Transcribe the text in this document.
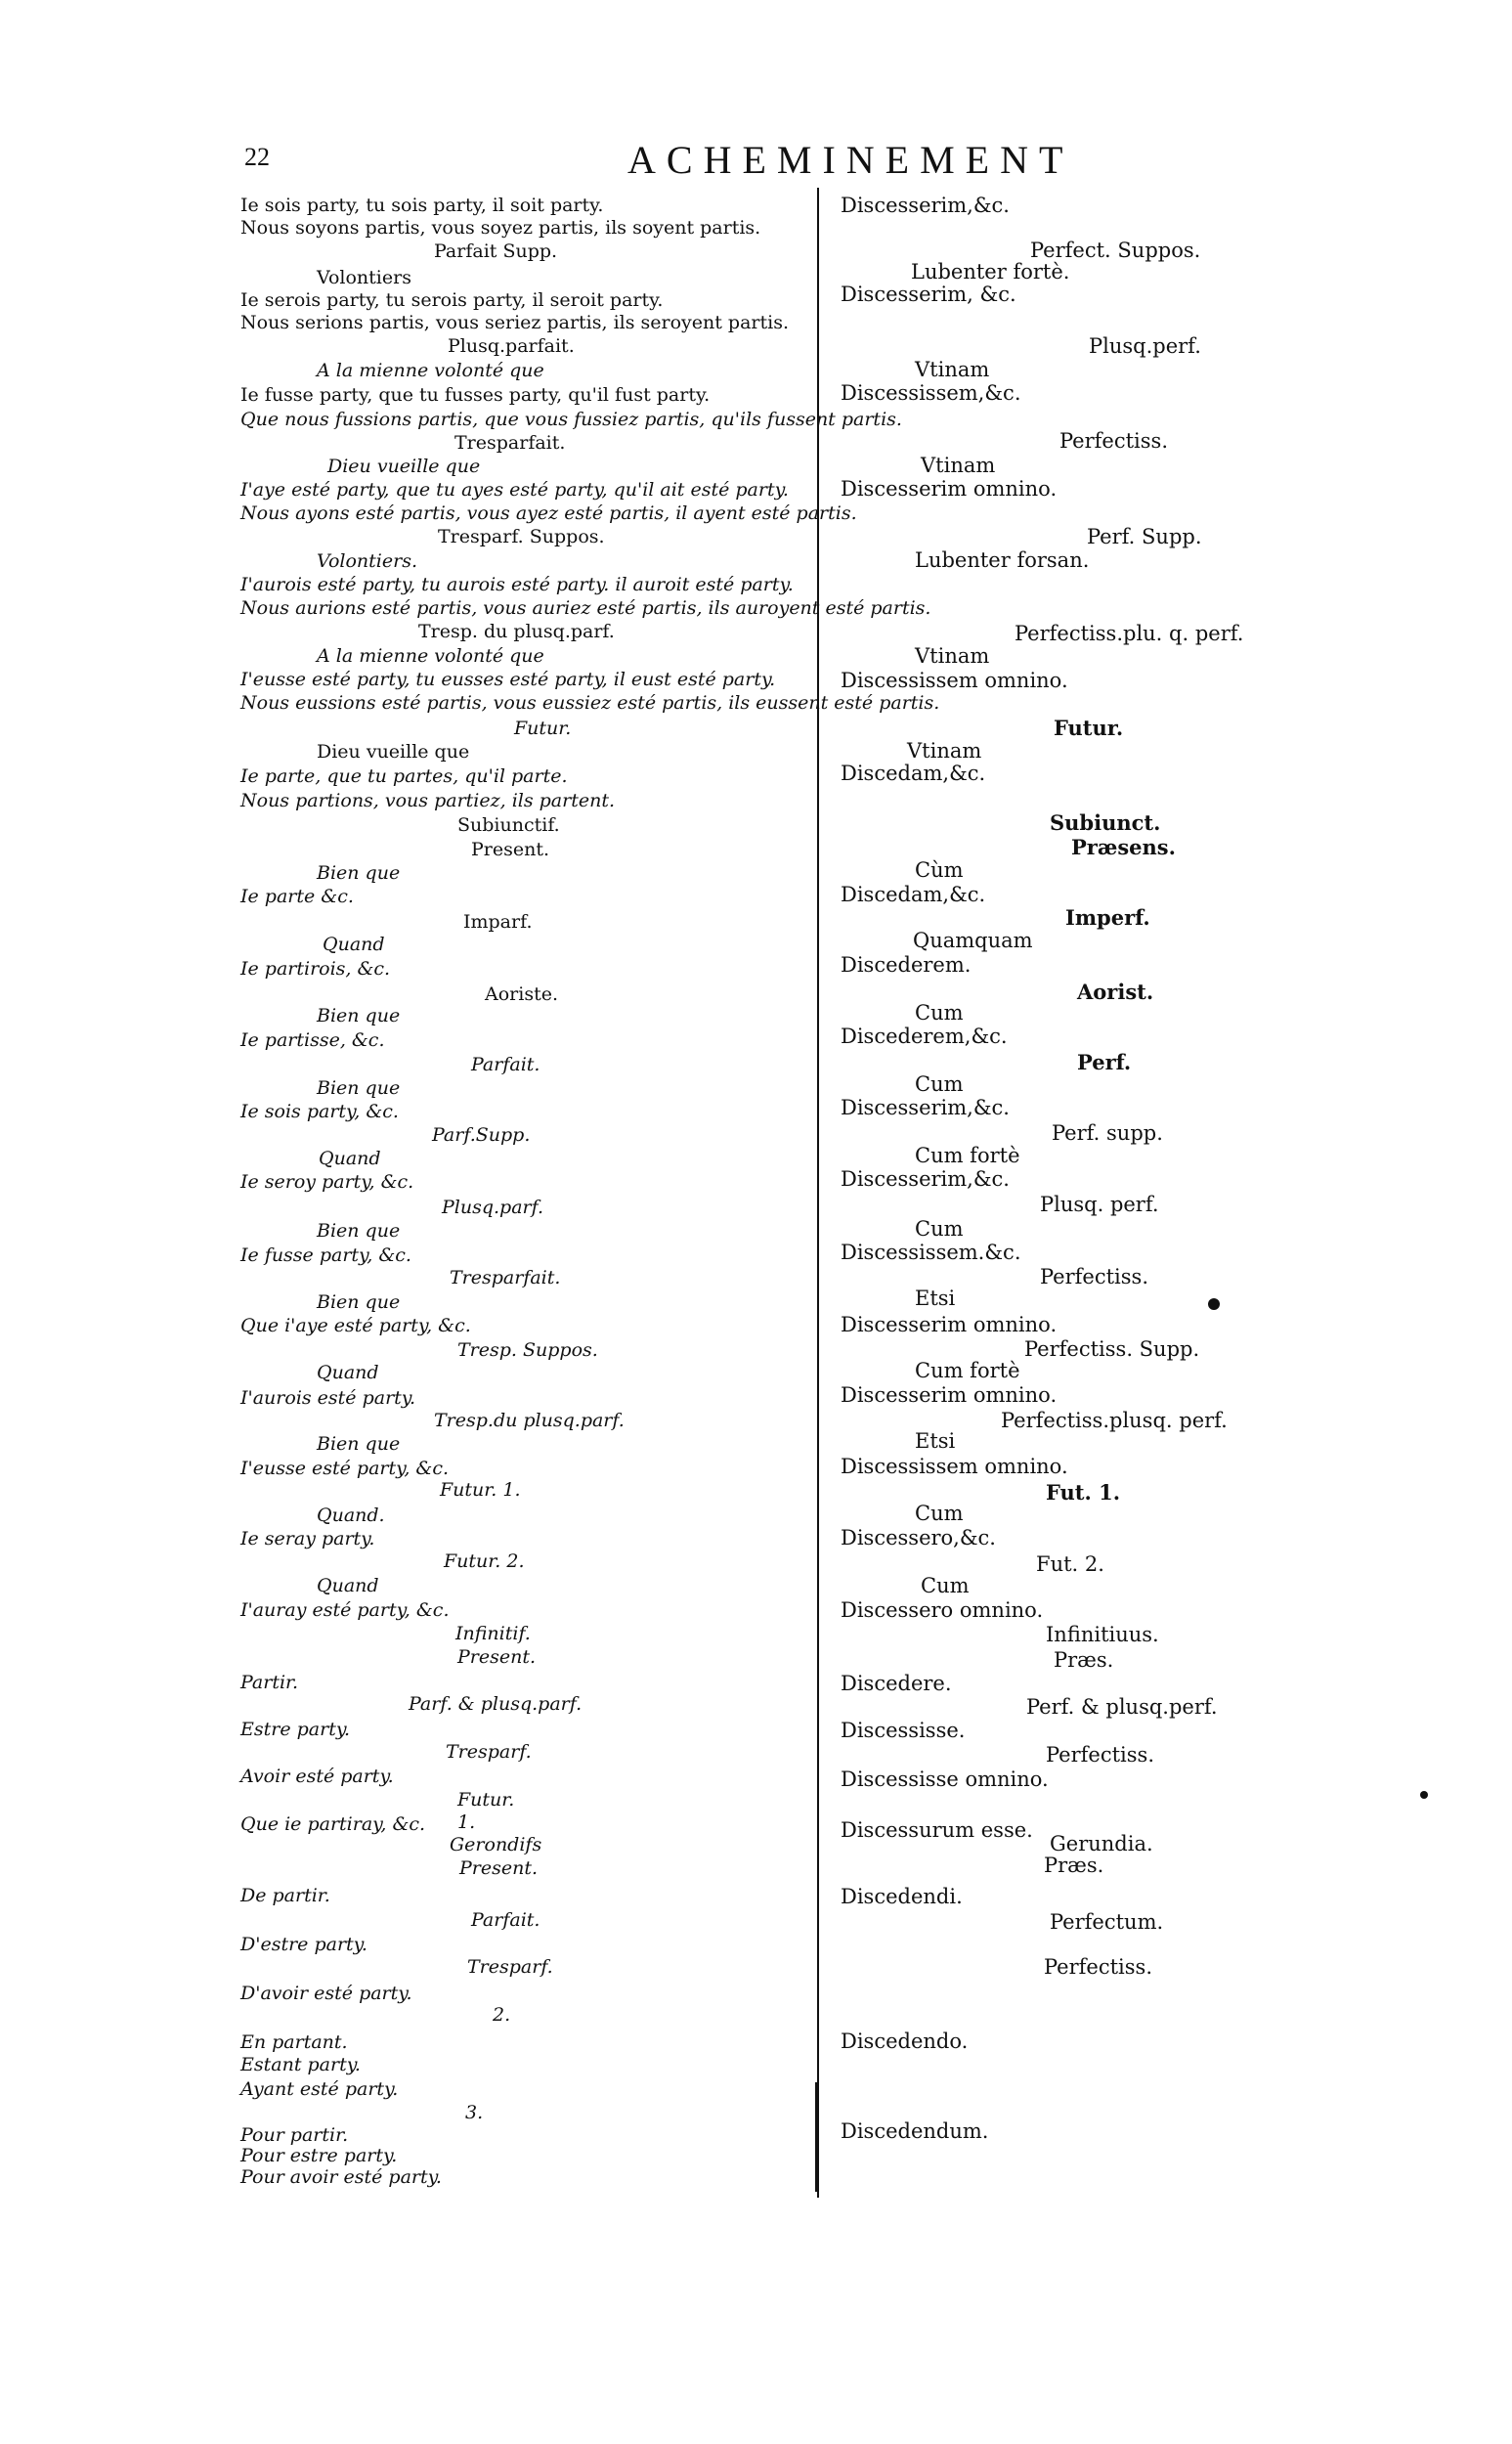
22	ACHEMINEMENT
Ie sois party, tu sois party, il soit party.
Nous soyons partis, vous soyez partis, ils soyent partis.
Parfait Supp.
Volontiers
Ie serois party, tu serois party, il seroit party.
Nous serions partis, vous seriez partis, ils seroyent partis.
Plusq.parfait.
A la mienne volonté que
Ie fusse party, que tu fusses party, qu'il fust party.
Que nous fussions partis, que vous fussiez partis, qu'ils fussent partis.
Tresparfait.
Dieu vueille que
I'aye esté party, que tu ayes esté party, qu'il ait esté party.
Nous ayons esté partis, vous ayez esté partis, il ayent esté partis.
Tresparf. Suppos.
Volontiers.
I'aurois esté party, tu aurois esté party. il auroit esté party.
Nous aurions esté partis, vous auriez esté partis, ils auroyent esté partis.
Tresp. du plusq.parf.
A la mienne volonté que
I'eusse esté party, tu eusses esté party, il eust esté party.
Nous eussions esté partis, vous eussiez esté partis, ils eussent esté partis.
Futur.
Dieu vueille que
Ie parte, que tu partes, qu'il parte.
Nous partions, vous partiez, ils partent.
Subiunctif.
Present.
Bien que
Ie parte &c.
Imparf.
Quand
Ie partirois, &c.
Aoriste.
Bien que
Ie partisse, &c.
Parfait.
Bien que
Ie sois party, &c.
Parf.Supp.
Quand
Ie seroy party, &c.
Plusq.parf.
Bien que
Ie fusse party, &c.
Tresparfait.
Bien que
Que i'aye esté party, &c.
Tresp. Suppos.
Quand
I'aurois esté party.
Tresp.du plusq.parf.
Bien que
I'eusse esté party, &c.
Futur. 1.
Quand.
Ie seray party.
Futur. 2.
Quand
I'auray esté party, &c.
Infinitif.
Present.
Partir.
Parf. & plusq.parf.
Estre party.
Tresparf.
Avoir esté party.
Futur.
Que ie partiray, &c. 1.
Gerondifs
Present.
De partir.
Parfait.
D'estre party.
Tresparf.
D'avoir esté party.
2.
En partant.
Estant party.
Ayant esté party.
3.
Pour partir.
Pour estre party.
Pour avoir esté party.
Discesserim,&c.
Perfect. Suppos.
Lubenter fortè.
Discesserim, &c.
Plusq.perf.
Vtinam
Discessissem,&c.
Perfectiss.
Vtinam
Discesserim omnino.
Perf. Supp.
Lubenter forsan.
Perfectiss.plu. q. perf.
Vtinam
Discessissem omnino.
Futur.
Vtinam
Discedam,&c.
Subiunct.
Præsens.
Cùm
Discedam,&c.
Imperf.
Quamquam
Discederem.
Aorist.
Cum
Discederem,&c.
Perf.
Cum
Discesserim,&c.
Perf. supp.
Cum fortè
Discesserim,&c.
Plusq. perf.
Cum
Discessissem.&c.
Perfectiss.
Etsi
Discesserim omnino.
Perfectiss. Supp.
Cum fortè
Discesserim omnino.
Perfectiss.plusq. perf.
Etsi
Discessissem omnino.
Fut. 1.
Cum
Discessero,&c.
Fut. 2.
Cum
Discessero omnino.
Infinitiuus.
Præs.
Discedere.
Perf. & plusq.perf.
Discessisse.
Perfectiss.
Discessisse omnino.
Discessurum esse.
Gerundia.
Præs.
Discedendi.
Perfectum.
Perfectiss.
Discedendo.
Discedendum.
